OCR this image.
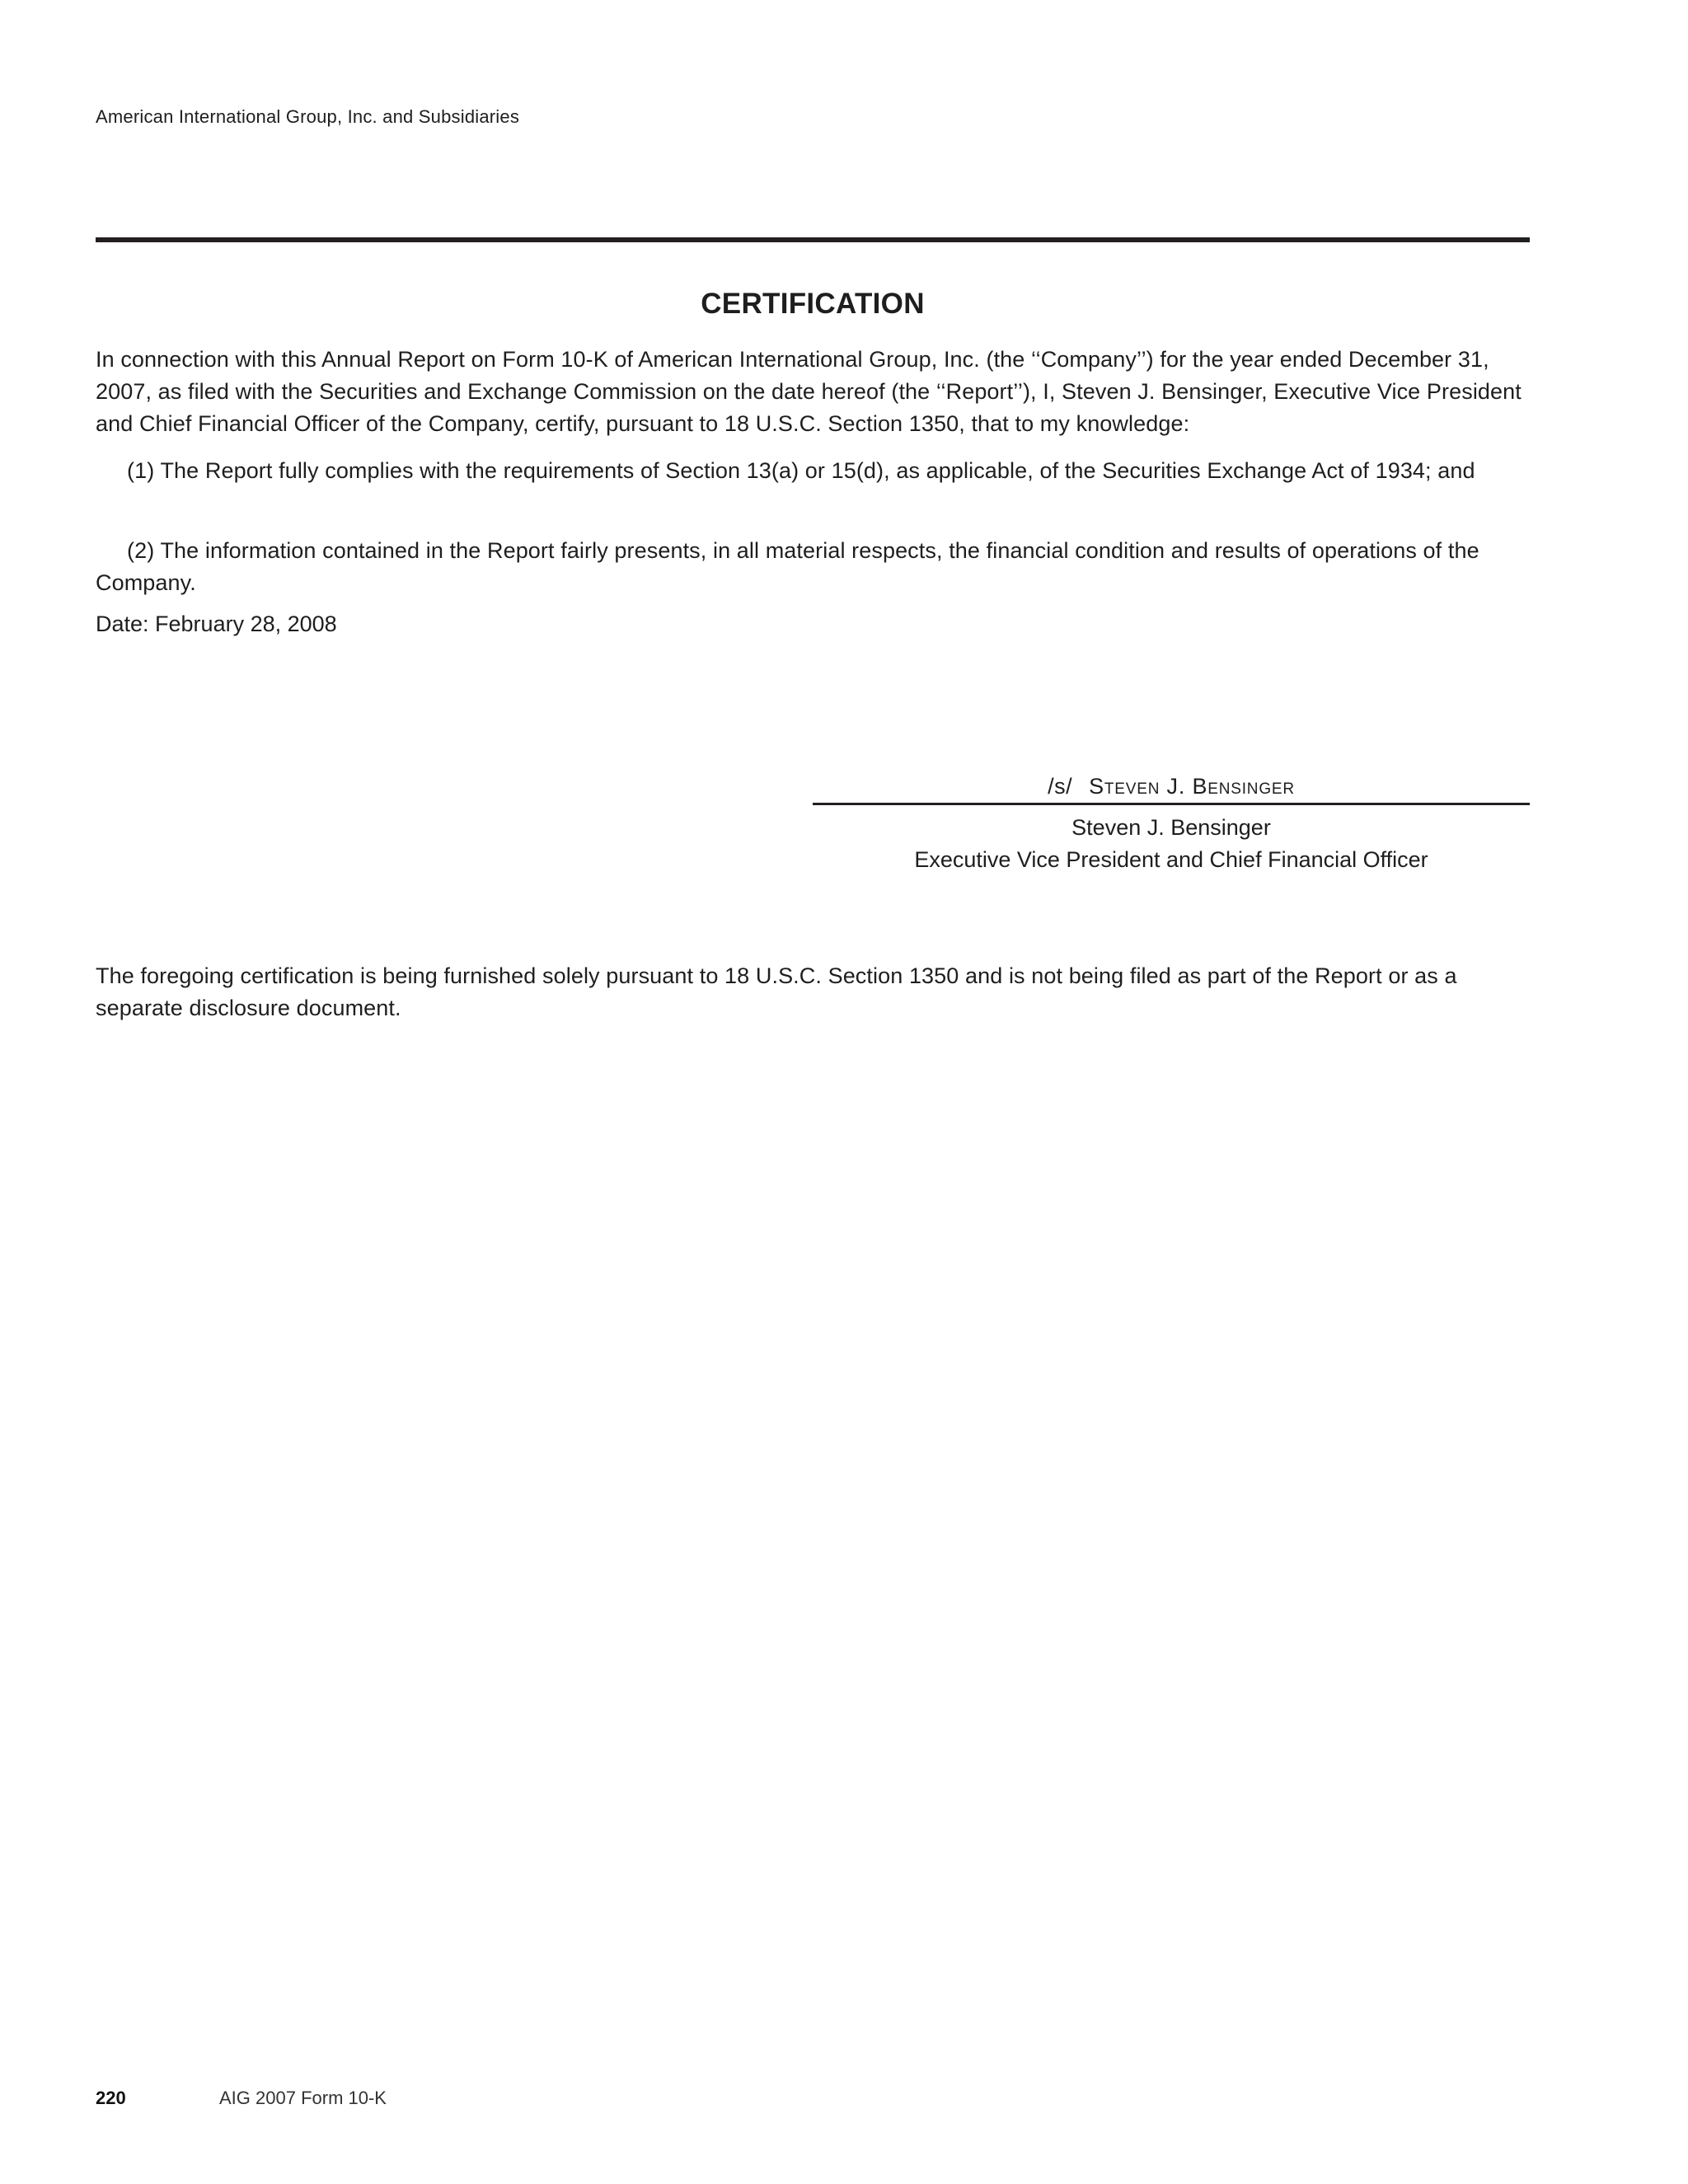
American International Group, Inc. and Subsidiaries
CERTIFICATION

In connection with this Annual Report on Form 10-K of American International Group, Inc. (the ‘‘Company’’) for the year ended December 31, 2007, as filed with the Securities and Exchange Commission on the date hereof (the ‘‘Report’’), I, Steven J. Bensinger, Executive Vice President and Chief Financial Officer of the Company, certify, pursuant to 18 U.S.C. Section 1350, that to my knowledge:

(1) The Report fully complies with the requirements of Section 13(a) or 15(d), as applicable, of the Securities Exchange Act of 1934; and

(2) The information contained in the Report fairly presents, in all material respects, the financial condition and results of operations of the Company.

Date: February 28, 2008
/s/ Steven J. Bensinger
Steven J. Bensinger
Executive Vice President and Chief Financial Officer

The foregoing certification is being furnished solely pursuant to 18 U.S.C. Section 1350 and is not being filed as part of the Report or as a separate disclosure document.

220	AIG 2007 Form 10-K
